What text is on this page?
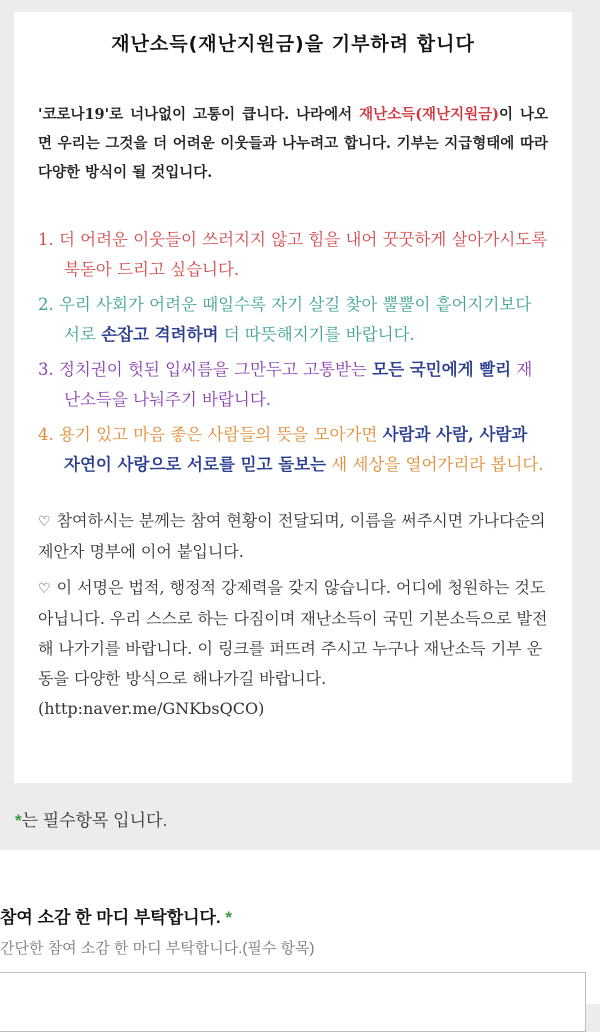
재난소득(재난지원금)을 기부하려 합니다
'코로나19'로 너나없이 고통이 큽니다. 나라에서 재난소득(재난지원금)이 나오면 우리는 그것을 더 어려운 이웃들과 나누려고 합니다. 기부는 지급형태에 따라 다양한 방식이 될 것입니다.
1. 더 어려운 이웃들이 쓰러지지 않고 힘을 내어 꿋꿋하게 살아가시도록 북돋아 드리고 싶습니다.
2. 우리 사회가 어려운 때일수록 자기 살길 찾아 뿔뿔이 흩어지기보다 서로 손잡고 격려하며 더 따뜻해지기를 바랍니다.
3. 정치권이 헛된 입씨름을 그만두고 고통받는 모든 국민에게 빨리 재난소득을 나눠주기 바랍니다.
4. 용기 있고 마음 좋은 사람들의 뜻을 모아가면 사람과 사람, 사람과 자연이 사랑으로 서로를 믿고 돌보는 새 세상을 열어가리라 봅니다.
♡ 참여하시는 분께는 참여 현황이 전달되며, 이름을 써주시면 가나다순의 제안자 명부에 이어 붙입니다.
♡ 이 서명은 법적, 행정적 강제력을 갖지 않습니다. 어디에 청원하는 것도 아닙니다. 우리 스스로 하는 다짐이며 재난소득이 국민 기본소득으로 발전해 나가기를 바랍니다. 이 링크를 퍼뜨려 주시고 누구나 재난소득 기부 운동을 다양한 방식으로 해나가길 바랍니다. (http:naver.me/GNKbsQCO)
*는 필수항목 입니다.
참여 소감 한 마디 부탁합니다. *
간단한 참여 소감 한 마디 부탁합니다.(필수 항목)
